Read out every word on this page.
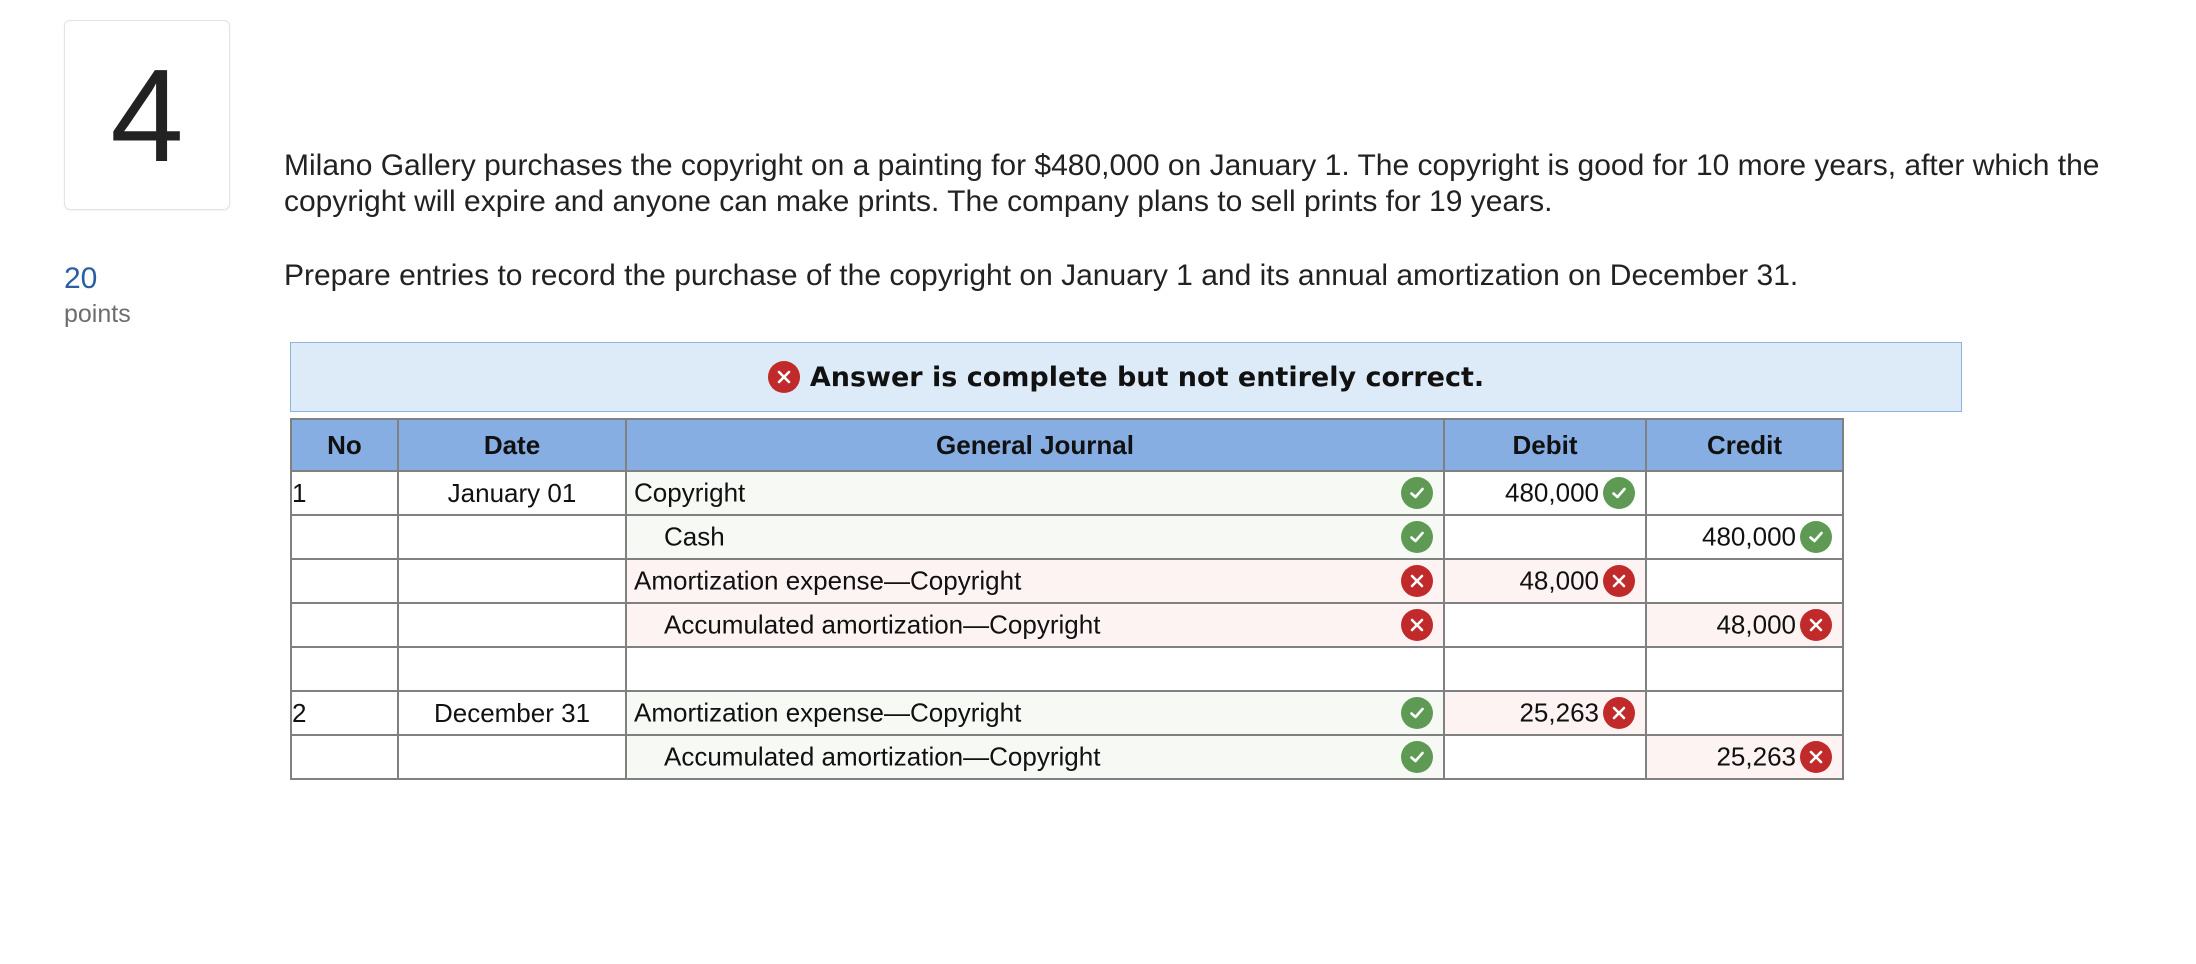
4
20
points

Milano Gallery purchases the copyright on a painting for $480,000 on January 1. The copyright is good for 10 more years, after which the copyright will expire and anyone can make prints. The company plans to sell prints for 19 years.

Prepare entries to record the purchase of the copyright on January 1 and its annual amortization on December 31.

Answer is complete but not entirely correct.
No	Date	General Journal	Debit	Credit
1	January 01	Copyright	480,000	

		Cash		480,000

		Amortization expense—Copyright	48,000	

		Accumulated amortization—Copyright		48,000

2	December 31	Amortization expense—Copyright	25,263	

		Accumulated amortization—Copyright		25,263
